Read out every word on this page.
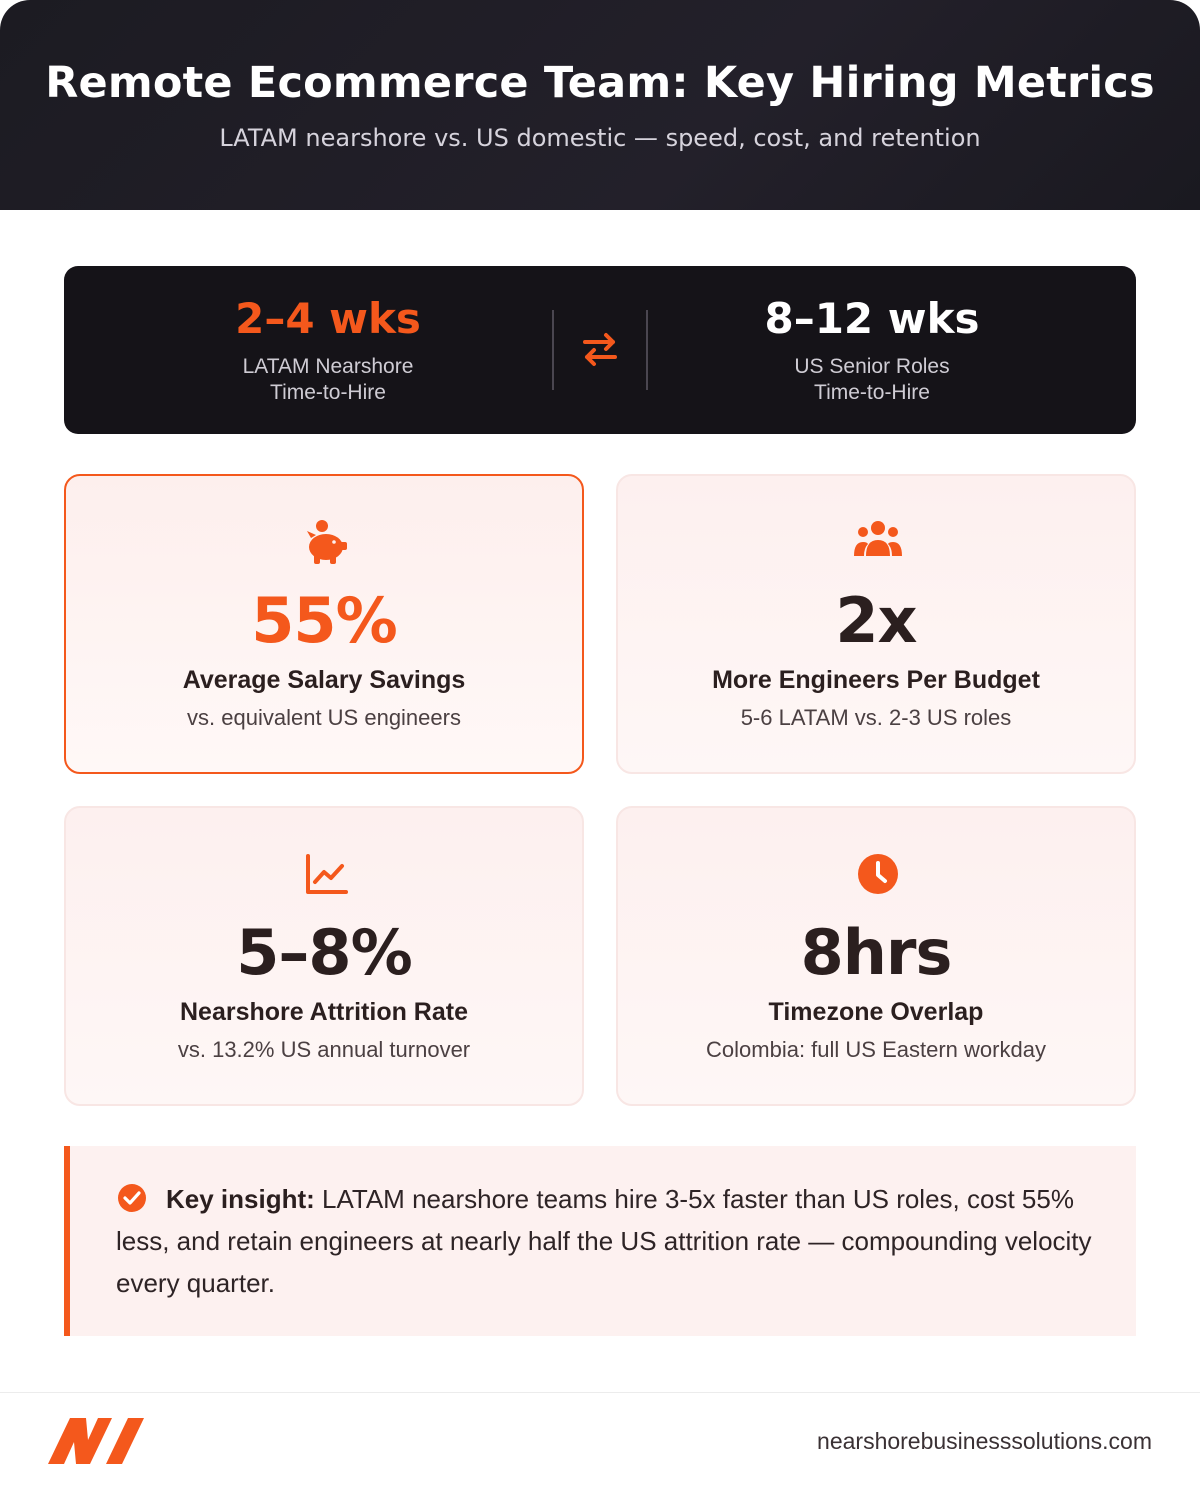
Remote Ecommerce Team: Key Hiring Metrics

LATAM nearshore vs. US domestic — speed, cost, and retention

2–4 wks
LATAM Nearshore
Time-to-Hire
8–12 wks
US Senior Roles
Time-to-Hire
55%
Average Salary Savings
vs. equivalent US engineers
2x
More Engineers Per Budget
5-6 LATAM vs. 2-3 US roles
5–8%
Nearshore Attrition Rate
vs. 13.2% US annual turnover
8hrs
Timezone Overlap
Colombia: full US Eastern workday
Key insight: LATAM nearshore teams hire 3-5x faster than US roles, cost 55% less, and retain engineers at nearly half the US attrition rate — compounding velocity every quarter.
nearshorebusinesssolutions.com
